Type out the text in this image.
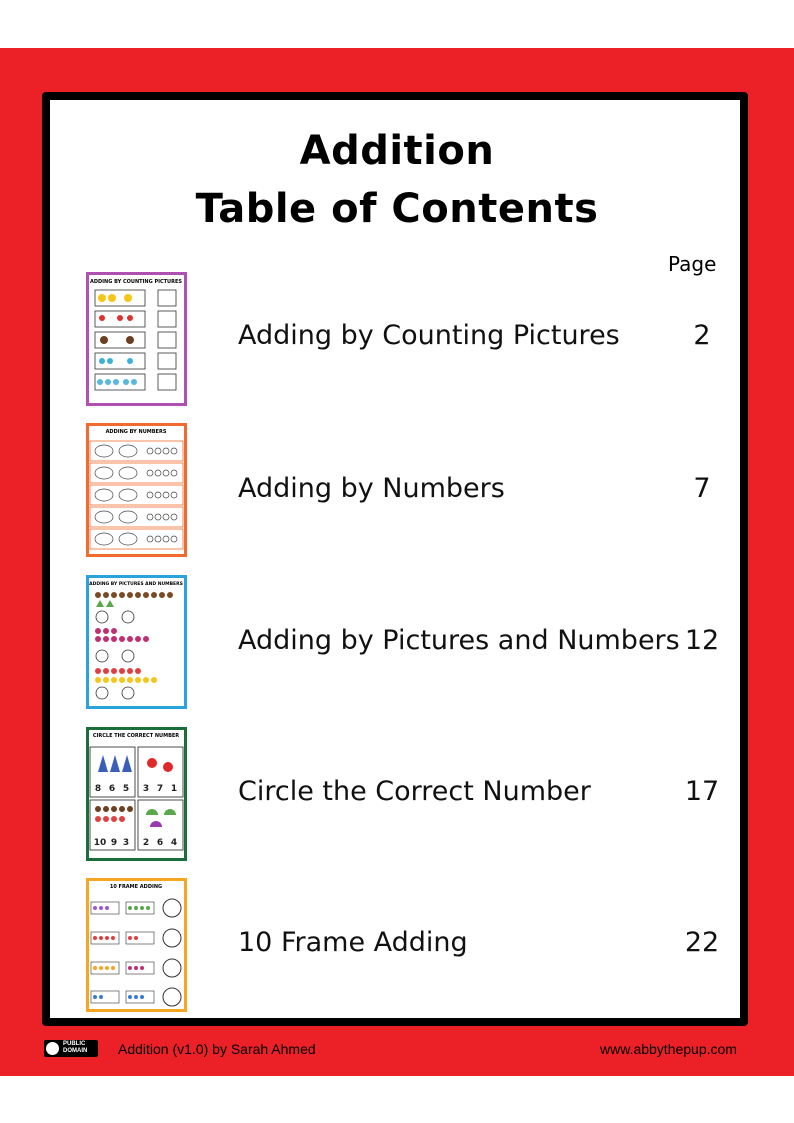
Addition
Table of Contents
Page
ADDING BY COUNTING PICTURES
Adding by Counting Pictures	2
ADDING BY NUMBERS
Adding by Numbers	7
ADDING BY PICTURES AND NUMBERS
Adding by Pictures and Numbers 12
CIRCLE THE CORRECT NUMBER
8 6 5 3 7 1
10 9 3 2 6 4
Circle the Correct Number	17
10 FRAME ADDING
10 Frame Adding	22
PUBLIC DOMAIN	Addition (v1.0) by Sarah Ahmed	www.abbythepup.com
